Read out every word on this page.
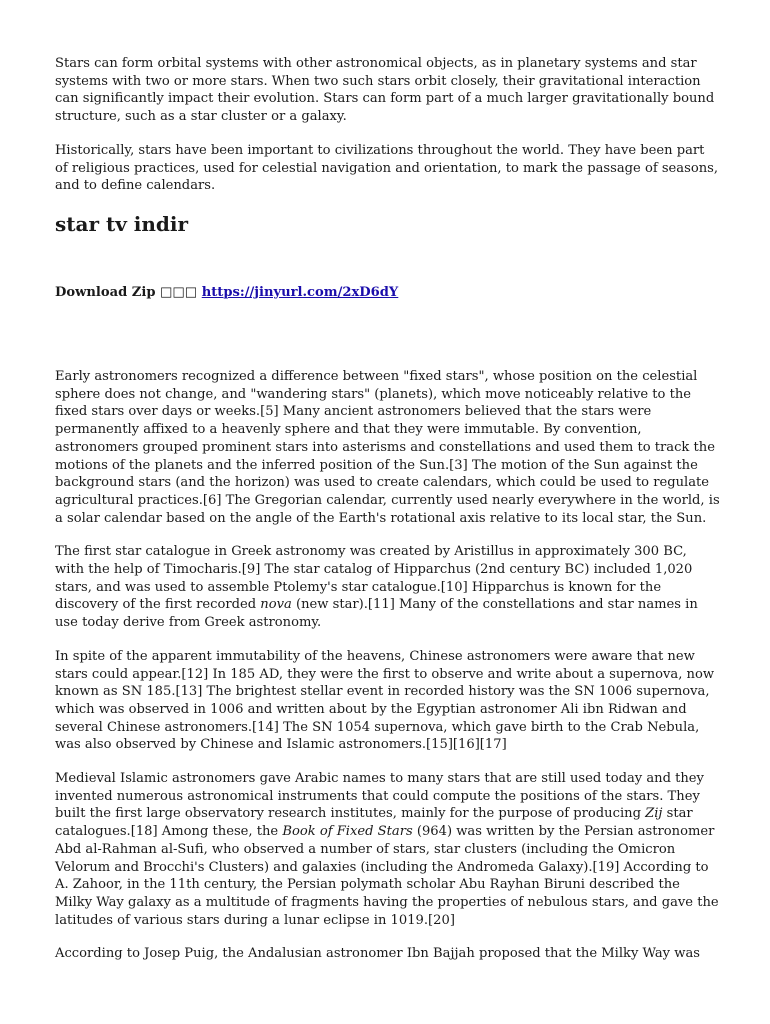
Stars can form orbital systems with other astronomical objects, as in planetary systems and star systems with two or more stars. When two such stars orbit closely, their gravitational interaction can significantly impact their evolution. Stars can form part of a much larger gravitationally bound structure, such as a star cluster or a galaxy.

Historically, stars have been important to civilizations throughout the world. They have been part of religious practices, used for celestial navigation and orientation, to mark the passage of seasons, and to define calendars.

star tv indir

Download Zip □□□ https://jinyurl.com/2xD6dY

Early astronomers recognized a difference between "fixed stars", whose position on the celestial sphere does not change, and "wandering stars" (planets), which move noticeably relative to the fixed stars over days or weeks.[5] Many ancient astronomers believed that the stars were permanently affixed to a heavenly sphere and that they were immutable. By convention, astronomers grouped prominent stars into asterisms and constellations and used them to track the motions of the planets and the inferred position of the Sun.[3] The motion of the Sun against the background stars (and the horizon) was used to create calendars, which could be used to regulate agricultural practices.[6] The Gregorian calendar, currently used nearly everywhere in the world, is a solar calendar based on the angle of the Earth's rotational axis relative to its local star, the Sun.

The first star catalogue in Greek astronomy was created by Aristillus in approximately 300 BC, with the help of Timocharis.[9] The star catalog of Hipparchus (2nd century BC) included 1,020 stars, and was used to assemble Ptolemy's star catalogue.[10] Hipparchus is known for the discovery of the first recorded nova (new star).[11] Many of the constellations and star names in use today derive from Greek astronomy.

In spite of the apparent immutability of the heavens, Chinese astronomers were aware that new stars could appear.[12] In 185 AD, they were the first to observe and write about a supernova, now known as SN 185.[13] The brightest stellar event in recorded history was the SN 1006 supernova, which was observed in 1006 and written about by the Egyptian astronomer Ali ibn Ridwan and several Chinese astronomers.[14] The SN 1054 supernova, which gave birth to the Crab Nebula, was also observed by Chinese and Islamic astronomers.[15][16][17]

Medieval Islamic astronomers gave Arabic names to many stars that are still used today and they invented numerous astronomical instruments that could compute the positions of the stars. They built the first large observatory research institutes, mainly for the purpose of producing Zij star catalogues.[18] Among these, the Book of Fixed Stars (964) was written by the Persian astronomer Abd al-Rahman al-Sufi, who observed a number of stars, star clusters (including the Omicron Velorum and Brocchi's Clusters) and galaxies (including the Andromeda Galaxy).[19] According to A. Zahoor, in the 11th century, the Persian polymath scholar Abu Rayhan Biruni described the Milky Way galaxy as a multitude of fragments having the properties of nebulous stars, and gave the latitudes of various stars during a lunar eclipse in 1019.[20]

According to Josep Puig, the Andalusian astronomer Ibn Bajjah proposed that the Milky Way was
